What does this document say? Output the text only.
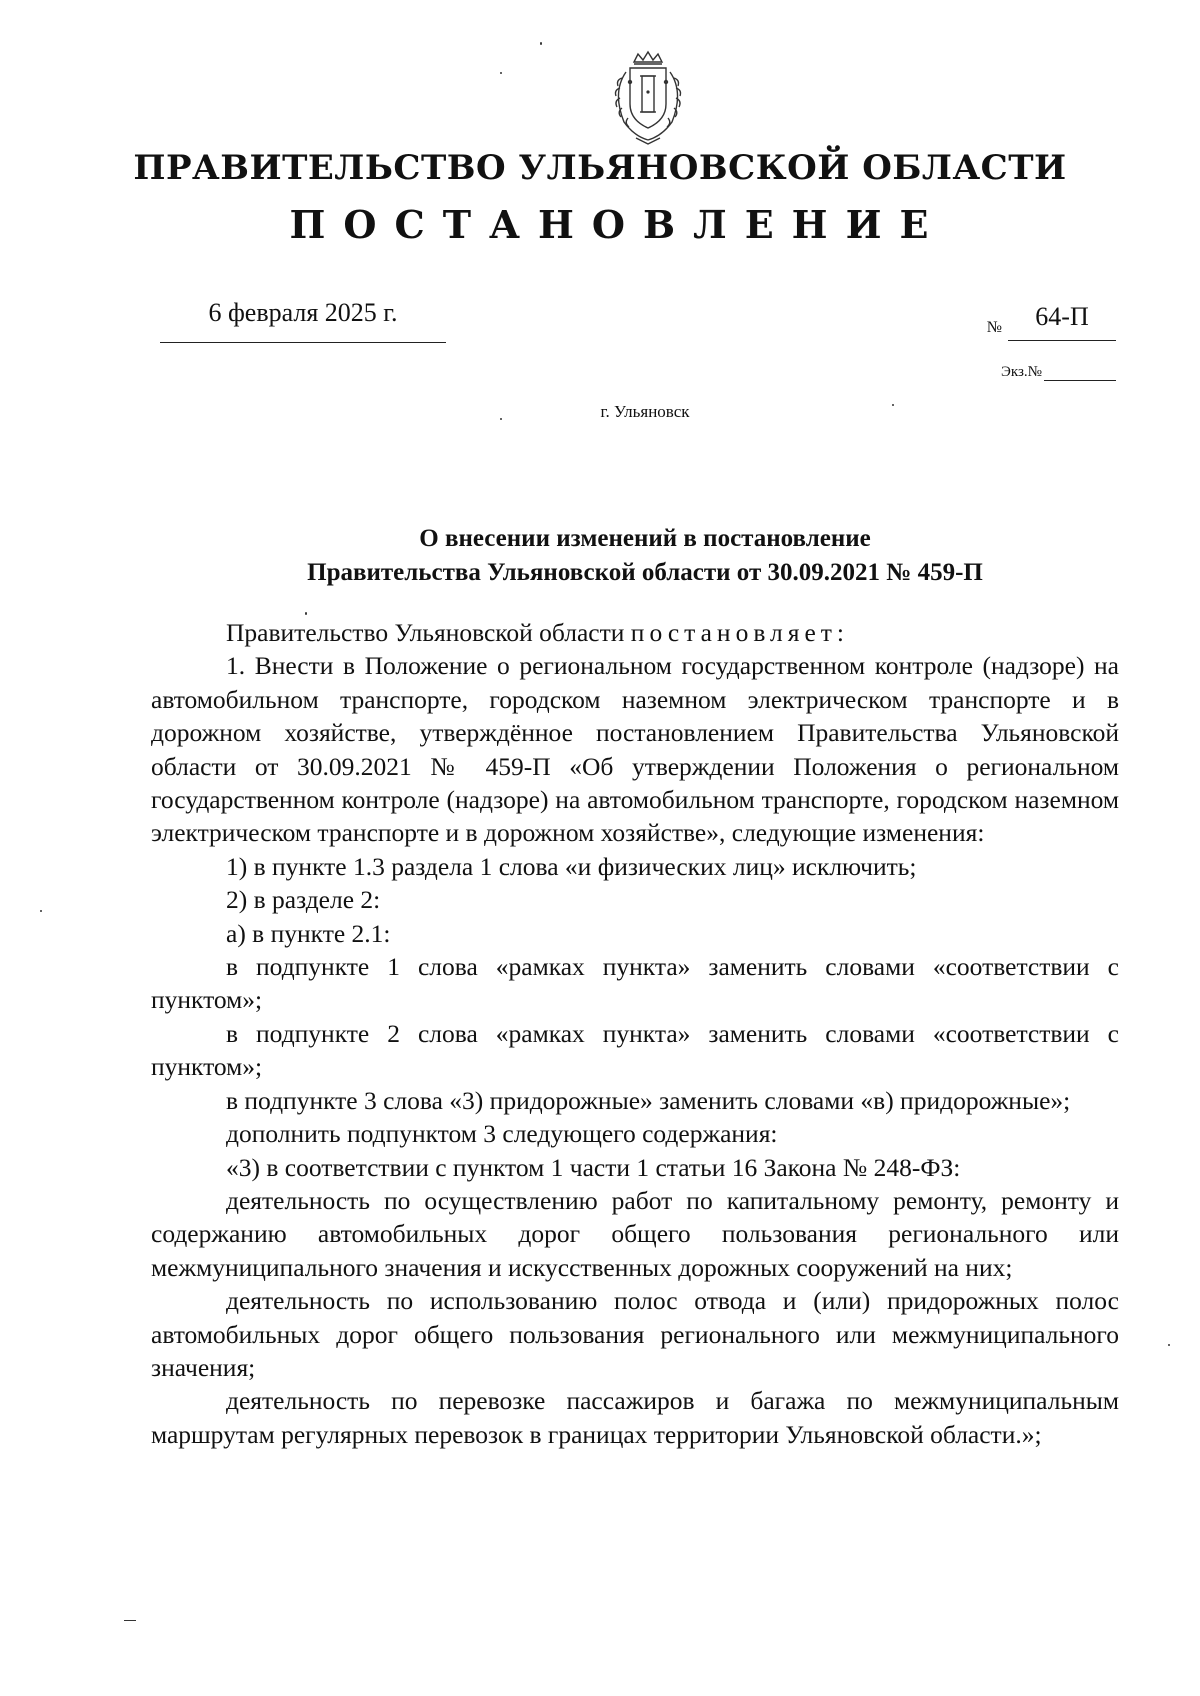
ПРАВИТЕЛЬСТВО УЛЬЯНОВСКОЙ ОБЛАСТИ
ПОСТАНОВЛЕНИЕ
6 февраля 2025 г.
№	64-П
Экз.№
г. Ульяновск
О внесении изменений в постановление
Правительства Ульяновской области от 30.09.2021 № 459-П

Правительство Ульяновской области постановляет:

1. Внести в Положение о региональном государственном контроле (надзоре) на автомобильном транспорте, городском наземном электрическом транспорте и в дорожном хозяйстве, утверждённое постановлением Правительства Ульяновской области от 30.09.2021 № 459-П «Об утверждении Положения о региональном государственном контроле (надзоре) на автомобильном транспорте, городском наземном электрическом транспорте и в дорожном хозяйстве», следующие изменения:

1) в пункте 1.3 раздела 1 слова «и физических лиц» исключить;

2) в разделе 2:

а) в пункте 2.1:

в подпункте 1 слова «рамках пункта» заменить словами «соответствии с пунктом»;

в подпункте 2 слова «рамках пункта» заменить словами «соответствии с пунктом»;

в подпункте 3 слова «3) придорожные» заменить словами «в) придорожные»;

дополнить подпунктом 3 следующего содержания:

«3) в соответствии с пунктом 1 части 1 статьи 16 Закона № 248-ФЗ:

деятельность по осуществлению работ по капитальному ремонту, ремонту и содержанию автомобильных дорог общего пользования регионального или межмуниципального значения и искусственных дорожных сооружений на них;

деятельность по использованию полос отвода и (или) придорожных полос автомобильных дорог общего пользования регионального или межмуниципального значения;

деятельность по перевозке пассажиров и багажа по межмуниципальным маршрутам регулярных перевозок в границах территории Ульяновской области.»;
